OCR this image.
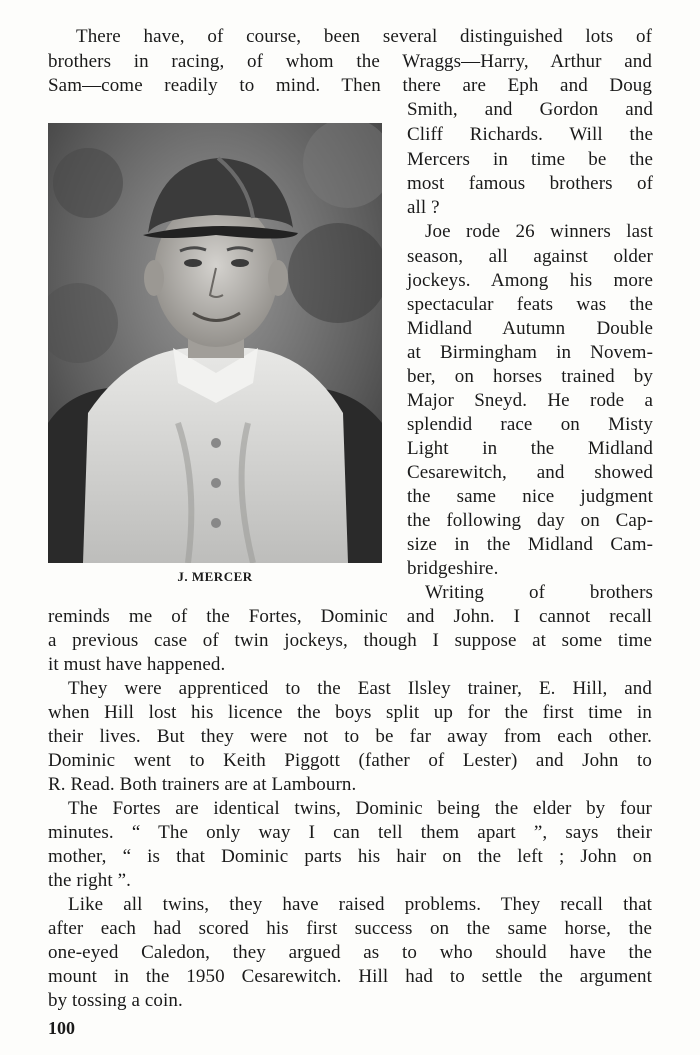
There have, of course, been several distinguished lots of
brothers in racing, of whom the Wraggs—Harry, Arthur and
Sam—come readily to mind. Then there are Eph and Doug
Smith, and Gordon and
Cliff Richards. Will the
Mercers in time be the
most famous brothers of
all ?
J. MERCER
Joe rode 26 winners last
season, all against older
jockeys. Among his more
spectacular feats was the
Midland Autumn Double
at Birmingham in Novem-
ber, on horses trained by
Major Sneyd. He rode a
splendid race on Misty
Light in the Midland
Cesarewitch, and showed
the same nice judgment
the following day on Cap-
size in the Midland Cam-
bridgeshire.
Writing of brothers
reminds me of the Fortes, Dominic and John. I cannot recall
a previous case of twin jockeys, though I suppose at some time
it must have happened.
They were apprenticed to the East Ilsley trainer, E. Hill, and
when Hill lost his licence the boys split up for the first time in
their lives. But they were not to be far away from each other.
Dominic went to Keith Piggott (father of Lester) and John to
R. Read. Both trainers are at Lambourn.
The Fortes are identical twins, Dominic being the elder by four
minutes. “ The only way I can tell them apart ”, says their
mother, “ is that Dominic parts his hair on the left ; John on
the right ”.
Like all twins, they have raised problems. They recall that
after each had scored his first success on the same horse, the
one-eyed Caledon, they argued as to who should have the
mount in the 1950 Cesarewitch. Hill had to settle the argument
by tossing a coin.
100
